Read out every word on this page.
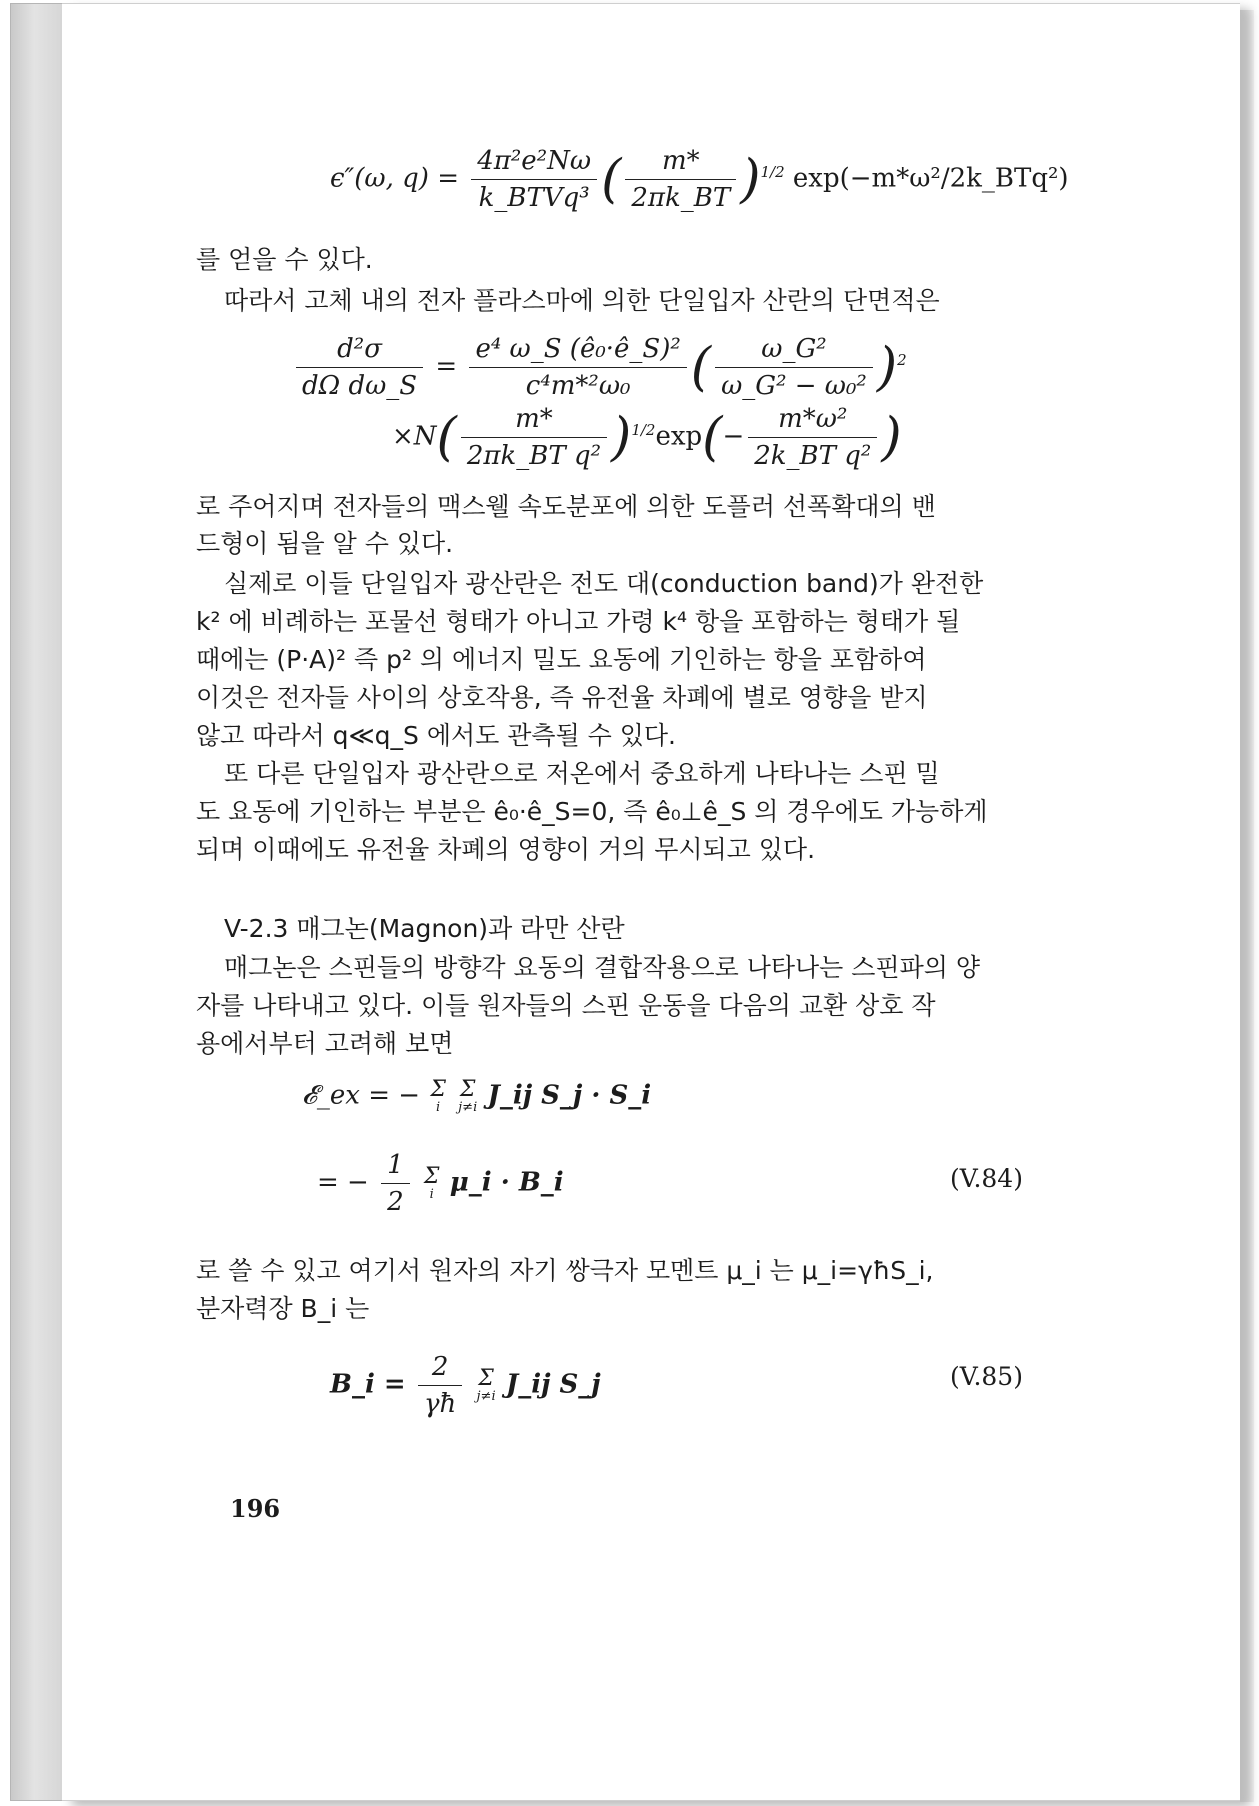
ϵ″(ω, $q) = \frac{\text{4π²e²Nω}}{\text{k\_BTVq³}}$ ( $\frac{m*}{2\pi k\_BT} )^{1/2}$ exp(−m*ω²/2k_BTq²)
를 얻을 수 있다.
따라서 고체 내의 전자 플라스마에 의한 단일입자 산란의 단면적은
$\frac{\text{d²σ}}{\text{dΩ dω\_S}} = \frac{\text{e⁴ ω\_S (ê₀·ê\_S)²}}{\text{c⁴m*²ω₀}}$ ( $\frac{\text{ω\_G²}}{\text{ω\_G² − ω₀²}} )^2$
$\times N( \frac{m*}{\text{2πk\_BT q²}} )^{1/2}\exp(- \frac{\text{m*ω²}}{\text{2k\_BT q²}}$ )
로 주어지며 전자들의 맥스웰 속도분포에 의한 도플러 선폭확대의 밴
드형이 됨을 알 수 있다.
실제로 이들 단일입자 광산란은 전도 대(conduction band)가 완전한
k² 에 비례하는 포물선 형태가 아니고 가령 k⁴ 항을 포함하는 형태가 될
때에는 (P·A)² 즉 p² 의 에너지 밀도 요동에 기인하는 항을 포함하여
이것은 전자들 사이의 상호작용, 즉 유전율 차폐에 별로 영향을 받지
않고 따라서 q≪q_S 에서도 관측될 수 있다.
또 다른 단일입자 광산란으로 저온에서 중요하게 나타나는 스핀 밀
도 요동에 기인하는 부분은 ê₀·ê_S=0, 즉 ê₀⊥ê_S 의 경우에도 가능하게
되며 이때에도 유전율 차폐의 영향이 거의 무시되고 있다.
V-2.3 매그논(Magnon)과 라만 산란
매그논은 스핀들의 방향각 요동의 결합작용으로 나타나는 스핀파의 양
자를 나타내고 있다. 이들 원자들의 스핀 운동을 다음의 교환 상호 작
용에서부터 고려해 보면
𝓔_ex = − Σ
i

Σ
j≠i J_ij S_j · S_i
= − $\frac{1}{2}$
Σ
i μ_i · B_i	(V.84)
로 쓸 수 있고 여기서 원자의 자기 쌍극자 모멘트 μ_i 는 μ_i=γħS_i,
분자력장 B_i 는
B_i = $\frac{2}{\gamma ħ}$
Σ
j≠i J_ij S_j	(V.85)
196
